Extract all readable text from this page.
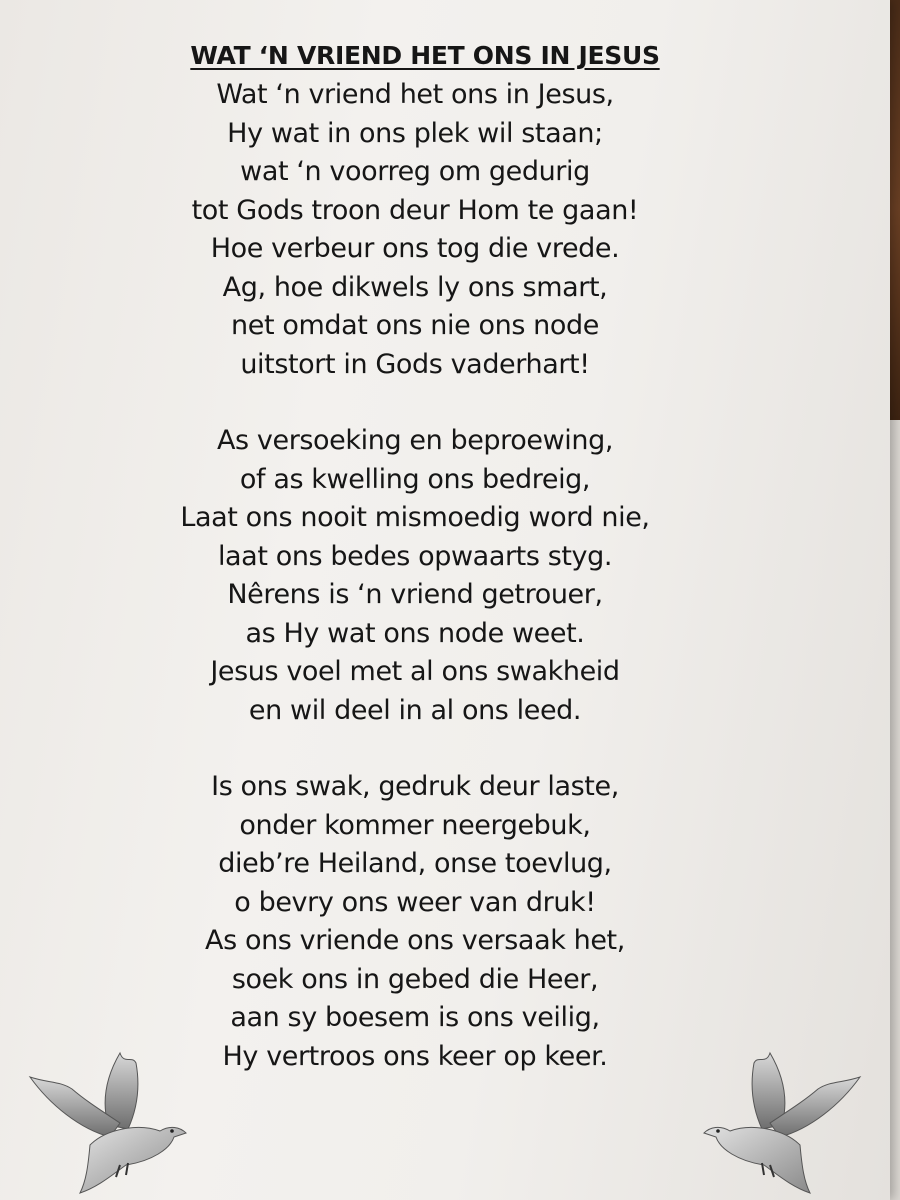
WAT ‘N VRIEND HET ONS IN JESUS
Wat ‘n vriend het ons in Jesus,
Hy wat in ons plek wil staan;
wat ‘n voorreg om gedurig
tot Gods troon deur Hom te gaan!
Hoe verbeur ons tog die vrede.
Ag, hoe dikwels ly ons smart,
net omdat ons nie ons node
uitstort in Gods vaderhart!
As versoeking en beproewing,
of as kwelling ons bedreig,
Laat ons nooit mismoedig word nie,
laat ons bedes opwaarts styg.
Nêrens is ‘n vriend getrouer,
as Hy wat ons node weet.
Jesus voel met al ons swakheid
en wil deel in al ons leed.
Is ons swak, gedruk deur laste,
onder kommer neergebuk,
dieb’re Heiland, onse toevlug,
o bevry ons weer van druk!
As ons vriende ons versaak het,
soek ons in gebed die Heer,
aan sy boesem is ons veilig,
Hy vertroos ons keer op keer.
